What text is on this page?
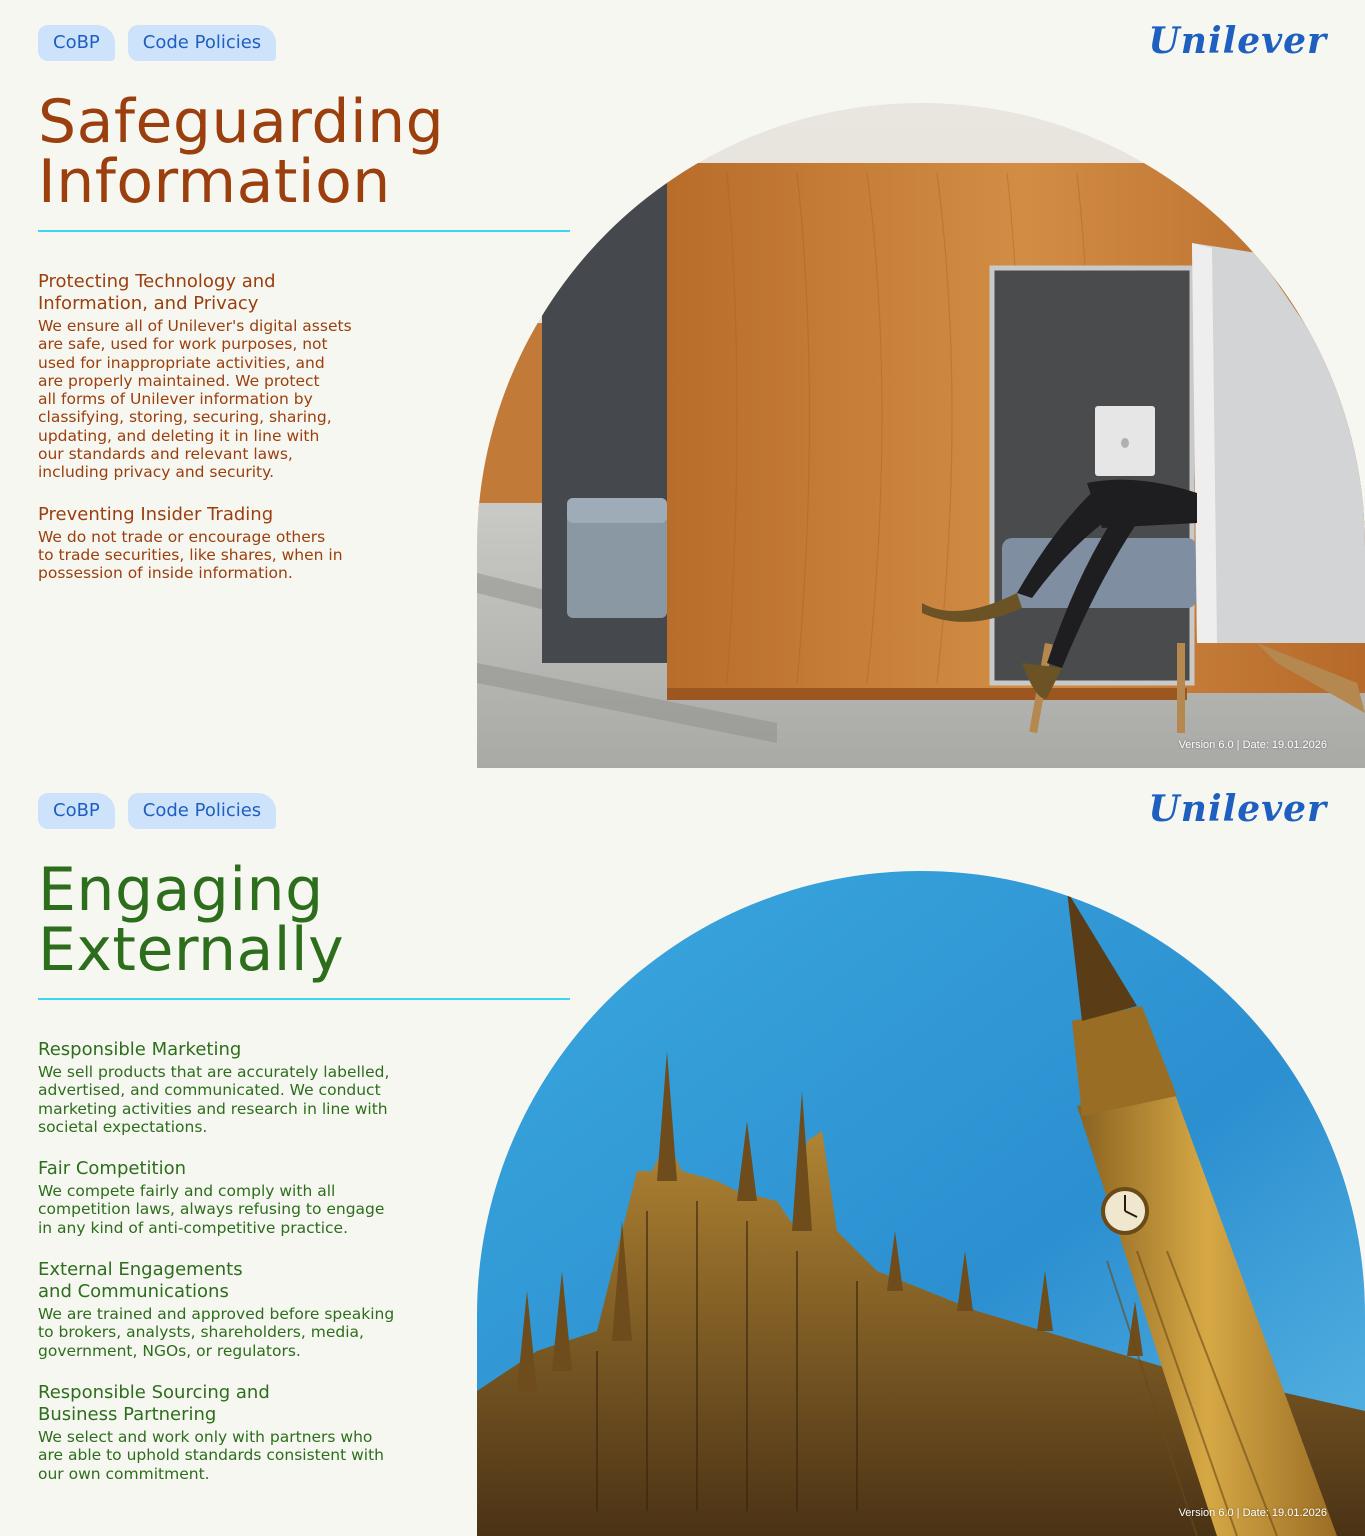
CoBP	Code Policies	Unilever
Safeguarding
Information
Protecting Technology and
Information, and Privacy

We ensure all of Unilever's digital assets
are safe, used for work purposes, not
used for inappropriate activities, and
are properly maintained. We protect
all forms of Unilever information by
classifying, storing, securing, sharing,
updating, and deleting it in line with
our standards and relevant laws,
including privacy and security.

Preventing Insider Trading

We do not trade or encourage others
to trade securities, like shares, when in
possession of inside information.

Version 6.0 | Date: 19.01.2026
CoBP	Code Policies	Unilever
Engaging
Externally
Responsible Marketing

We sell products that are accurately labelled,
advertised, and communicated. We conduct
marketing activities and research in line with
societal expectations.

Fair Competition

We compete fairly and comply with all
competition laws, always refusing to engage
in any kind of anti-competitive practice.

External Engagements
and Communications

We are trained and approved before speaking
to brokers, analysts, shareholders, media,
government, NGOs, or regulators.

Responsible Sourcing and
Business Partnering

We select and work only with partners who
are able to uphold standards consistent with
our own commitment.

Version 6.0 | Date: 19.01.2026
